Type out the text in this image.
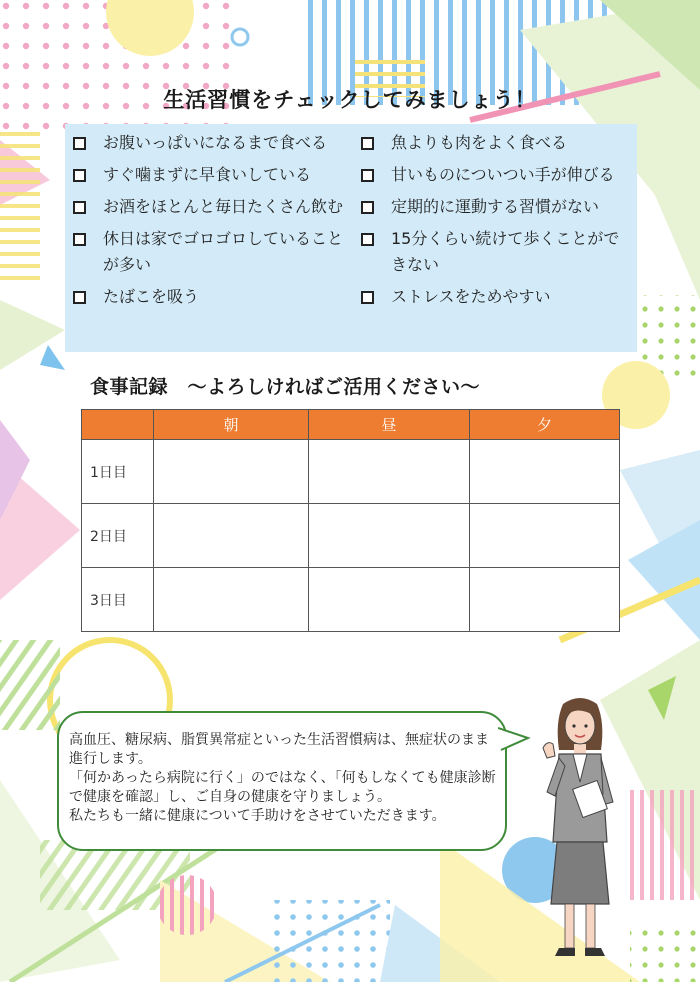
生活習慣をチェックしてみましょう！
お腹いっぱいになるまで食べる
すぐ噛まずに早食いしている
お酒をほとんと毎日たくさん飲む
休日は家でゴロゴロしていることが多い
たばこを吸う
魚よりも肉をよく食べる
甘いものについつい手が伸びる
定期的に運動する習慣がない
15分くらい続けて歩くことができない
ストレスをためやすい
食事記録　～よろしければご活用ください～
	朝	昼	夕
1日目			
2日目			
3日目			

高血圧、糖尿病、脂質異常症といった生活習慣病は、無症状のまま進行します。

「何かあったら病院に行く」のではなく、「何もしなくても健康診断で健康を確認」し、ご自身の健康を守りましょう。

私たちも一緒に健康について手助けをさせていただきます。
